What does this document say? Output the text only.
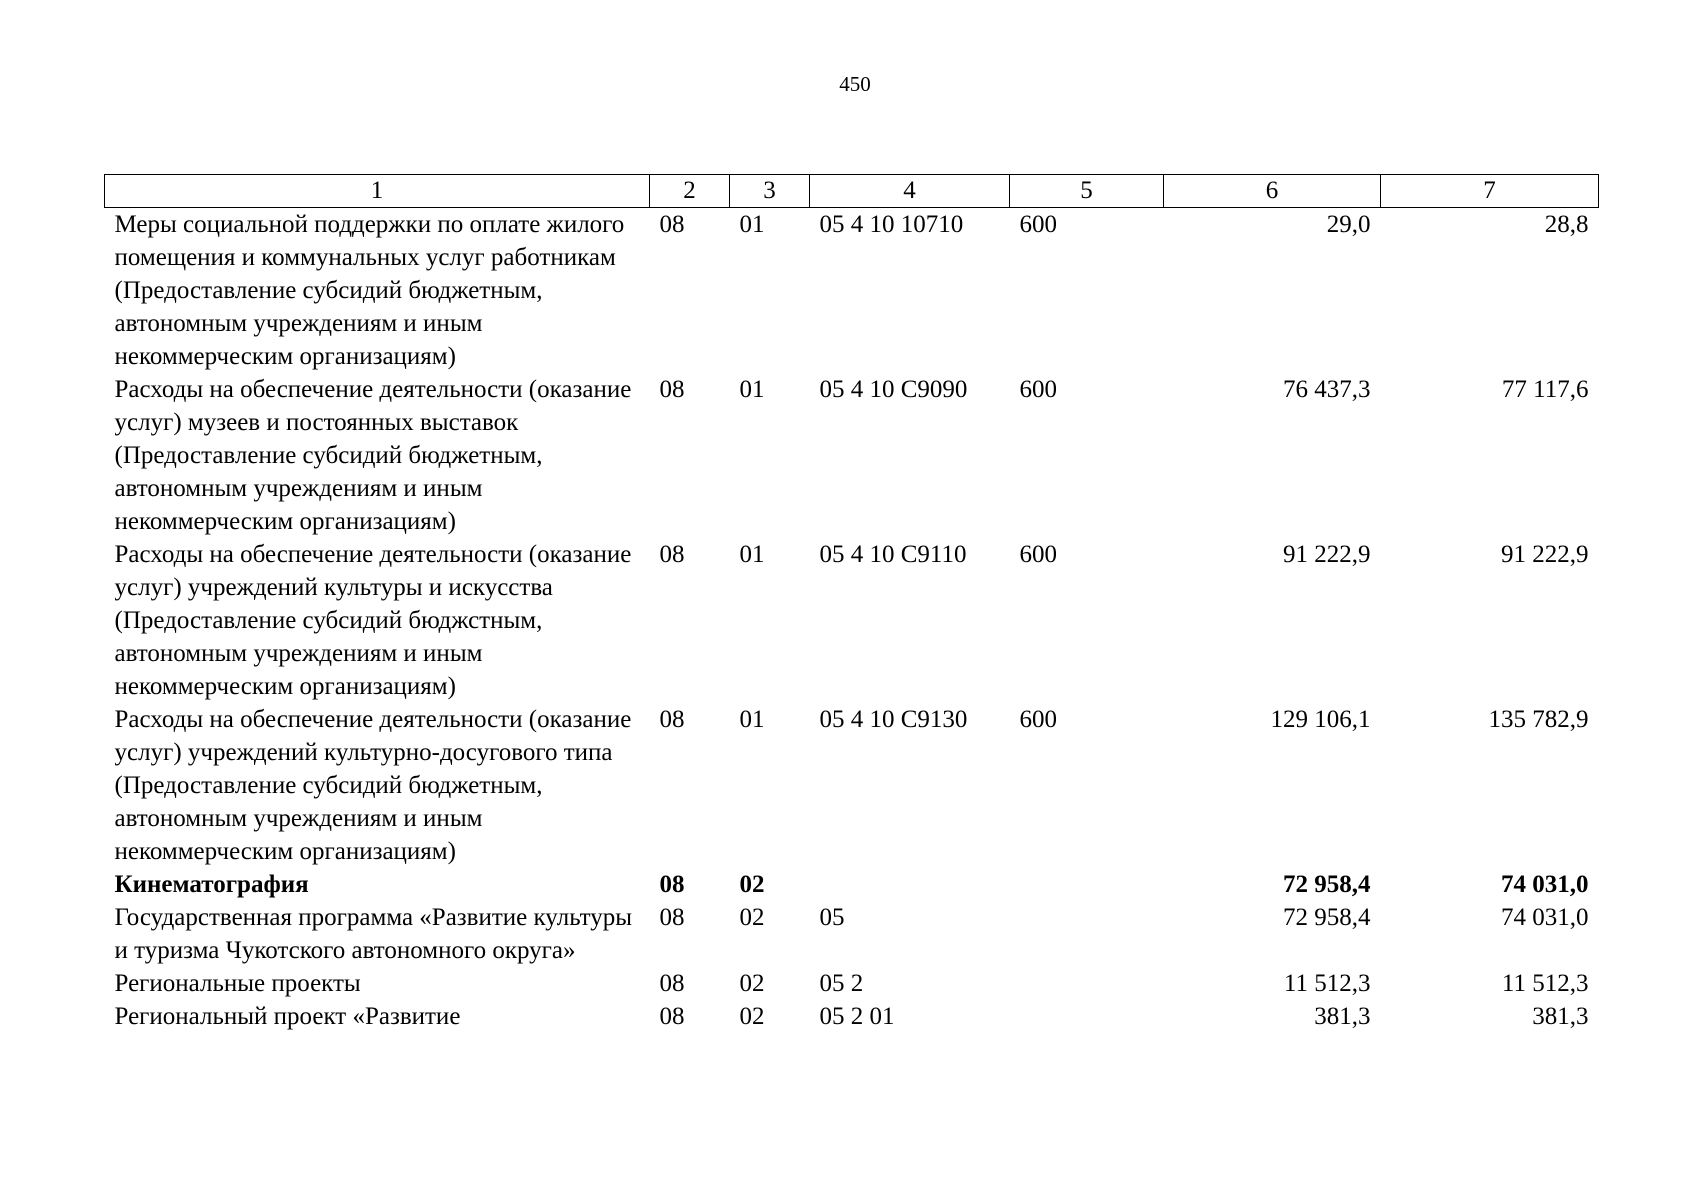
450
1	2	3	4	5	6	7
Меры социальной поддержки по оплате жилого помещения и коммунальных услуг работникам (Предоставление субсидий бюджетным, автономным учреждениям и иным некоммерческим организациям)	08	01	05 4 10 10710	600	29,0	28,8
Расходы на обеспечение деятельности (оказание услуг) музеев и постоянных выставок (Предоставление субсидий бюджетным, автономным учреждениям и иным некоммерческим организациям)	08	01	05 4 10 С9090	600	76 437,3	77 117,6
Расходы на обеспечение деятельности (оказание услуг) учреждений культуры и искусства (Предоставление субсидий бюджстным, автономным учреждениям и иным некоммерческим организациям)	08	01	05 4 10 С9110	600	91 222,9	91 222,9
Расходы на обеспечение деятельности (оказание услуг) учреждений культурно-досугового типа (Предоставление субсидий бюджетным, автономным учреждениям и иным некоммерческим организациям)	08	01	05 4 10 С9130	600	129 106,1	135 782,9
Кинематография	08	02			72 958,4	74 031,0
Государственная программа «Развитие культуры и туризма Чукотского автономного округа»	08	02	05		72 958,4	74 031,0
Региональные проекты	08	02	05 2		11 512,3	11 512,3
Региональный проект «Развитие	08	02	05 2 01		381,3	381,3
